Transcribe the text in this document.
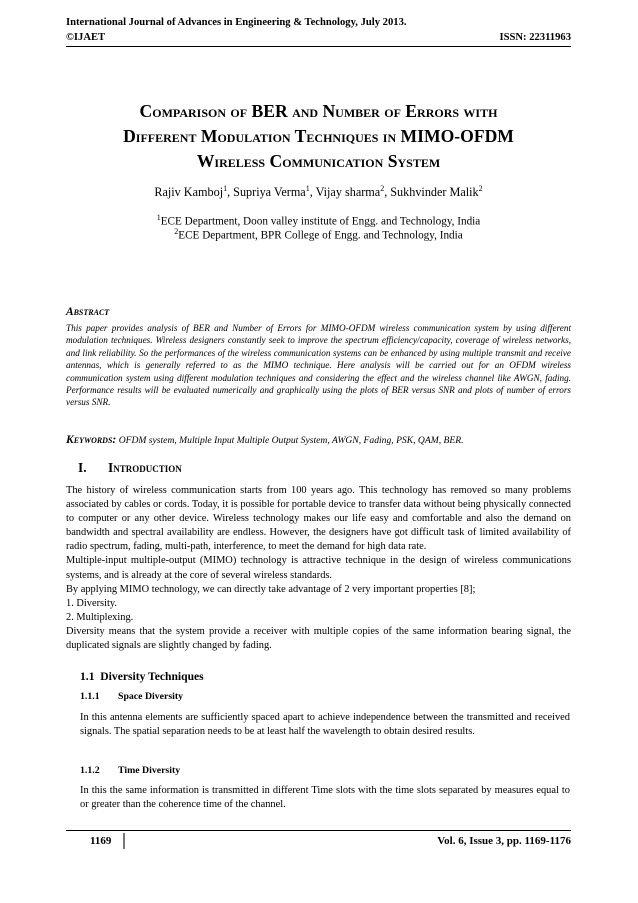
International Journal of Advances in Engineering & Technology, July 2013.
©IJAET	ISSN: 22311963
Comparison of BER and Number of Errors with
Different Modulation Techniques in MIMO-OFDM
Wireless Communication System
Rajiv Kamboj$^1$, Supriya Verma$^1$, Vijay sharma$^2$, Sukhvinder Malik$^2$
$^1$ECE Department, Doon valley institute of Engg. and Technology, India
$^2$ECE Department, BPR College of Engg. and Technology, India
Abstract
This paper provides analysis of BER and Number of Errors for MIMO-OFDM wireless communication system by using different modulation techniques. Wireless designers constantly seek to improve the spectrum efficiency/capacity, coverage of wireless networks, and link reliability. So the performances of the wireless communication systems can be enhanced by using multiple transmit and receive antennas, which is generally referred to as the MIMO technique. Here analysis will be carried out for an OFDM wireless communication system using different modulation techniques and considering the effect and the wireless channel like AWGN, fading. Performance results will be evaluated numerically and graphically using the plots of BER versus SNR and plots of number of errors versus SNR.
Keywords: OFDM system, Multiple Input Multiple Output System, AWGN, Fading, PSK, QAM, BER.
I. Introduction

The history of wireless communication starts from 100 years ago. This technology has removed so many problems associated by cables or cords. Today, it is possible for portable device to transfer data without being physically connected to computer or any other device. Wireless technology makes our life easy and comfortable and also the demand on bandwidth and spectral availability are endless. However, the designers have got difficult task of limited availability of radio spectrum, fading, multi-path, interference, to meet the demand for high data rate.

Multiple-input multiple-output (MIMO) technology is attractive technique in the design of wireless communications systems, and is already at the core of several wireless standards.

By applying MIMO technology, we can directly take advantage of 2 very important properties [8];

1. Diversity.

2. Multiplexing.

Diversity means that the system provide a receiver with multiple copies of the same information bearing signal, the duplicated signals are slightly changed by fading.

1.1 Diversity Techniques
1.1.1 Space Diversity
In this antenna elements are sufficiently spaced apart to achieve independence between the transmitted and received signals. The spatial separation needs to be at least half the wavelength to obtain desired results.
1.1.2 Time Diversity
In this the same information is transmitted in different Time slots with the time slots separated by measures equal to or greater than the coherence time of the channel.
1169	Vol. 6, Issue 3, pp. 1169-1176
